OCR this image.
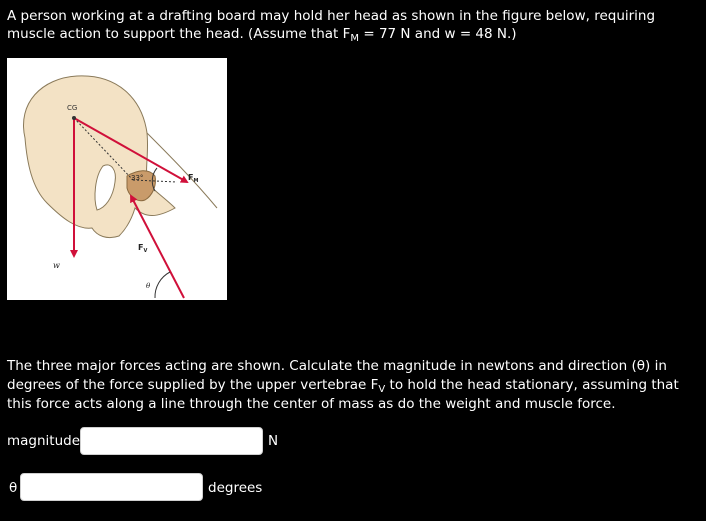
A person working at a drafting board may hold her head as shown in the figure below, requiring muscle action to support the head. (Assume that $F_M = 77$ N and w = 48 N.)

CG
w
$F_V$
$F_M$
33°
θ

The three major forces acting are shown. Calculate the magnitude in newtons and direction (θ) in degrees of the force supplied by the upper vertebrae $F_V$ to hold the head stationary, assuming that this force acts along a line through the center of mass as do the weight and muscle force.

magnitude	N
θ	degrees
